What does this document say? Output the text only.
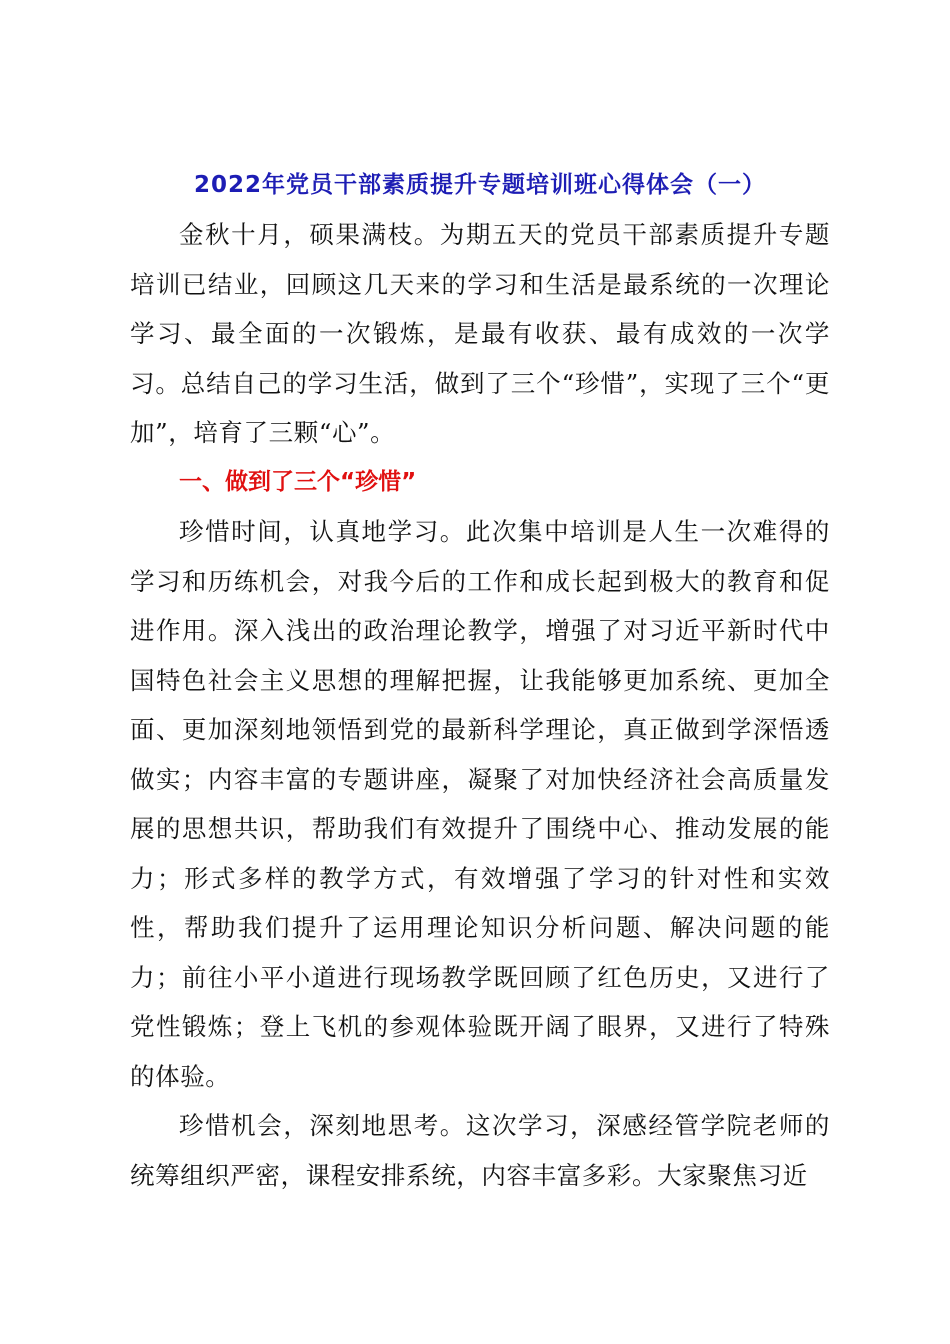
2022年党员干部素质提升专题培训班心得体会（一）

金秋十月，硕果满枝。为期五天的党员干部素质提升专题培训已结业，回顾这几天来的学习和生活是最系统的一次理论学习、最全面的一次锻炼，是最有收获、最有成效的一次学习。总结自己的学习生活，做到了三个“珍惜”，实现了三个“更加”，培育了三颗“心”。

一、做到了三个“珍惜”

珍惜时间，认真地学习。此次集中培训是人生一次难得的学习和历练机会，对我今后的工作和成长起到极大的教育和促进作用。深入浅出的政治理论教学，增强了对习近平新时代中国特色社会主义思想的理解把握，让我能够更加系统、更加全面、更加深刻地领悟到党的最新科学理论，真正做到学深悟透做实；内容丰富的专题讲座，凝聚了对加快经济社会高质量发展的思想共识，帮助我们有效提升了围绕中心、推动发展的能力；形式多样的教学方式，有效增强了学习的针对性和实效性，帮助我们提升了运用理论知识分析问题、解决问题的能力；前往小平小道进行现场教学既回顾了红色历史，又进行了党性锻炼；登上飞机的参观体验既开阔了眼界，又进行了特殊的体验。

珍惜机会，深刻地思考。这次学习，深感经管学院老师的统筹组织严密，课程安排系统，内容丰富多彩。大家聚焦习近
